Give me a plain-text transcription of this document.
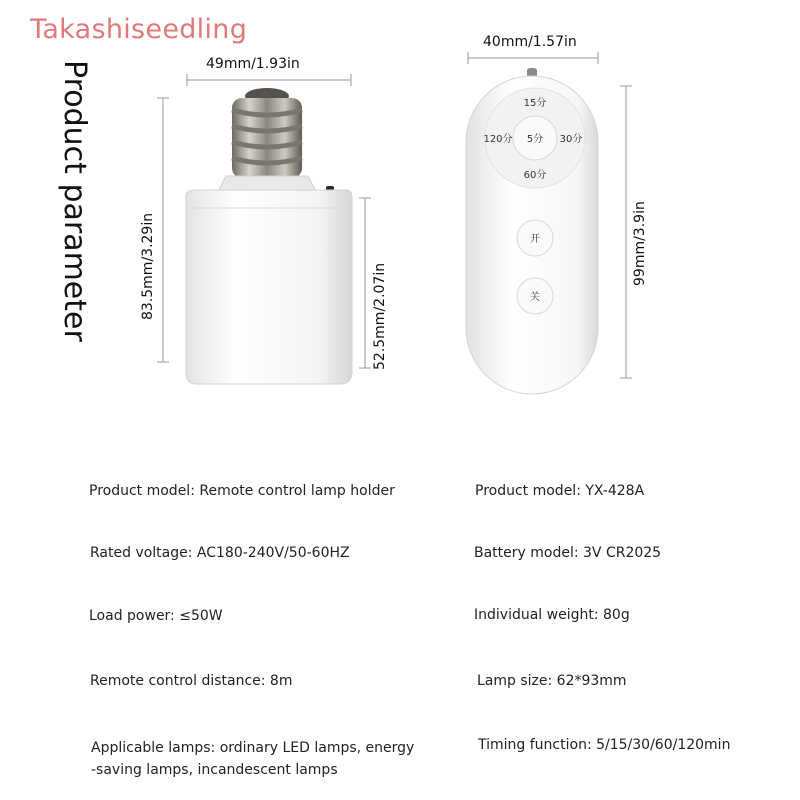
Takashiseedling
Product parameter	15分
120分 5分 30分
60分
开
关
49mm/1.93in
83.5mm/3.29in	52.5mm/2.07in
40mm/1.57in
99mm/3.9in
Product model: Remote control lamp holder
Rated voltage: AC180-240V/50-60HZ
Load power: ≤50W
Remote control distance: 8m
Applicable lamps: ordinary LED lamps, energy
-saving lamps, incandescent lamps
Product model: YX-428A
Battery model: 3V CR2025
Individual weight: 80g
Lamp size: 62*93mm
Timing function: 5/15/30/60/120min
